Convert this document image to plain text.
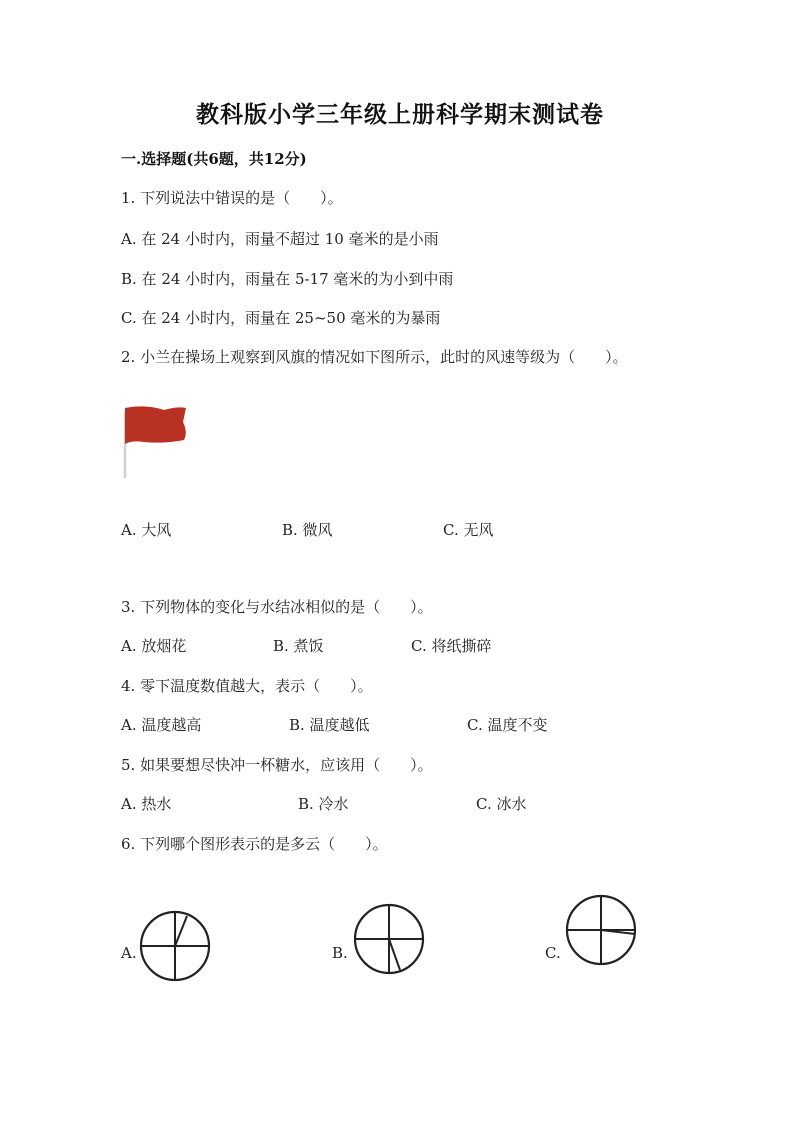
教科版小学三年级上册科学期末测试卷
一.选择题(共6题，共12分)
1. 下列说法中错误的是（　　）。
A. 在 24 小时内，雨量不超过 10 毫米的是小雨
B. 在 24 小时内，雨量在 5-17 毫米的为小到中雨
C. 在 24 小时内，雨量在 25~50 毫米的为暴雨
2. 小兰在操场上观察到风旗的情况如下图所示，此时的风速等级为（　　）。
A. 大风	B. 微风	C. 无风
3. 下列物体的变化与水结冰相似的是（　　）。
A. 放烟花	B. 煮饭	C. 将纸撕碎
4. 零下温度数值越大，表示（　　）。
A. 温度越高	B. 温度越低	C. 温度不变
5. 如果要想尽快冲一杯糖水，应该用（　　）。
A. 热水	B. 冷水	C. 冰水
6. 下列哪个图形表示的是多云（　　）。
A.	B.	C.
